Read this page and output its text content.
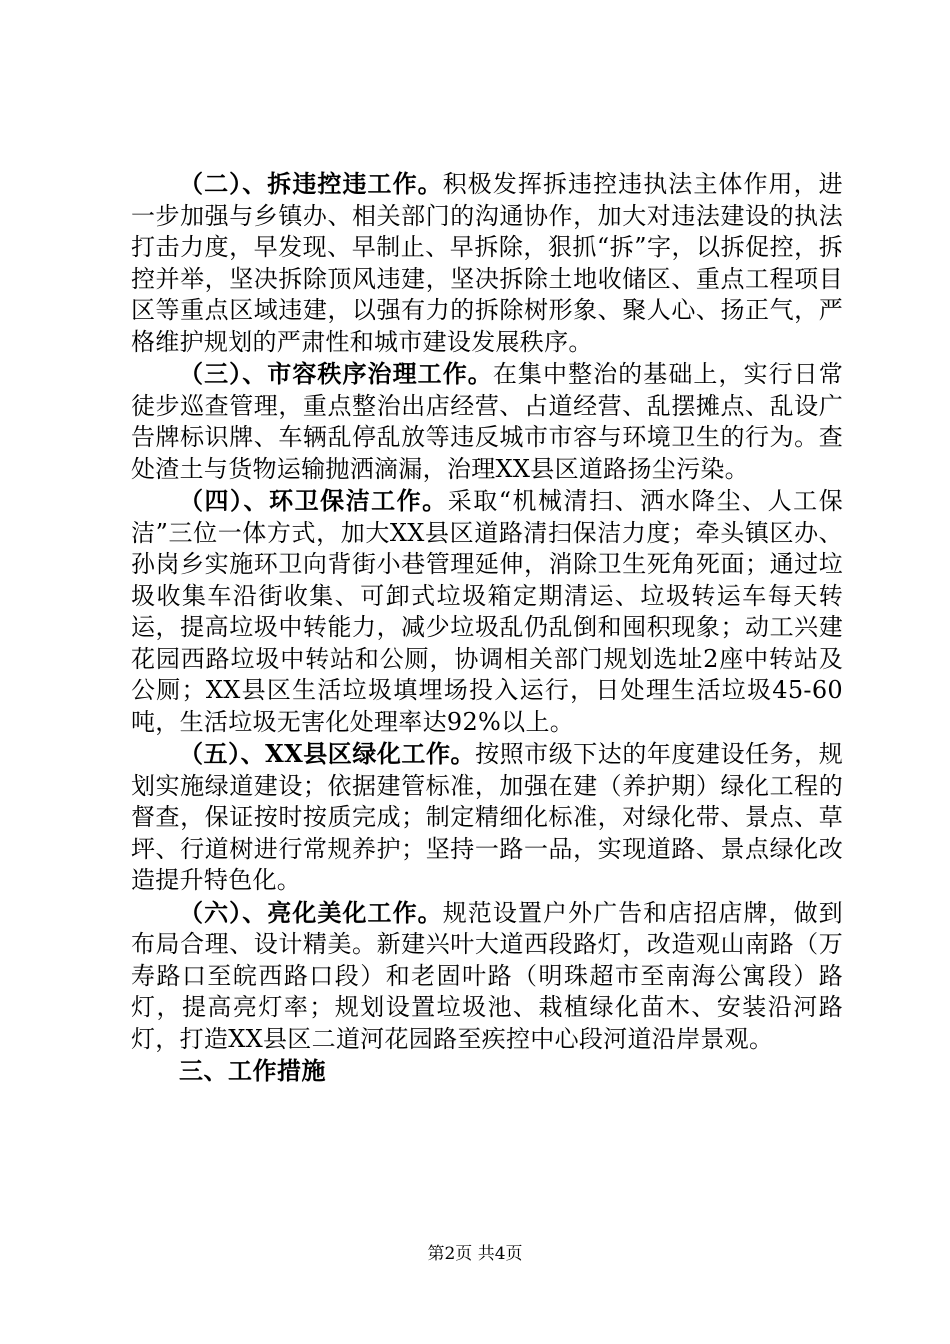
（二）、拆违控违工作。积极发挥拆违控违执法主体作用，进一步加强与乡镇办、相关部门的沟通协作，加大对违法建设的执法打击力度，早发现、早制止、早拆除，狠抓“拆”字，以拆促控，拆控并举，坚决拆除顶风违建，坚决拆除土地收储区、重点工程项目区等重点区域违建，以强有力的拆除树形象、聚人心、扬正气，严格维护规划的严肃性和城市建设发展秩序。

（三）、市容秩序治理工作。在集中整治的基础上，实行日常徒步巡查管理，重点整治出店经营、占道经营、乱摆摊点、乱设广告牌标识牌、车辆乱停乱放等违反城市市容与环境卫生的行为。查处渣土与货物运输抛洒滴漏，治理XX县区道路扬尘污染。

（四）、环卫保洁工作。采取“机械清扫、洒水降尘、人工保洁”三位一体方式，加大XX县区道路清扫保洁力度；牵头镇区办、孙岗乡实施环卫向背街小巷管理延伸，消除卫生死角死面；通过垃圾收集车沿街收集、可卸式垃圾箱定期清运、垃圾转运车每天转运，提高垃圾中转能力，减少垃圾乱仍乱倒和囤积现象；动工兴建花园西路垃圾中转站和公厕，协调相关部门规划选址2座中转站及公厕；XX县区生活垃圾填埋场投入运行，日处理生活垃圾45-60吨，生活垃圾无害化处理率达92%以上。

（五）、XX县区绿化工作。按照市级下达的年度建设任务，规划实施绿道建设；依据建管标准，加强在建（养护期）绿化工程的督查，保证按时按质完成；制定精细化标准，对绿化带、景点、草坪、行道树进行常规养护；坚持一路一品，实现道路、景点绿化改造提升特色化。

（六）、亮化美化工作。规范设置户外广告和店招店牌，做到布局合理、设计精美。新建兴叶大道西段路灯，改造观山南路（万寿路口至皖西路口段）和老固叶路（明珠超市至南海公寓段）路灯，提高亮灯率；规划设置垃圾池、栽植绿化苗木、安装沿河路灯，打造XX县区二道河花园路至疾控中心段河道沿岸景观。

三、工作措施

第2页 共4页
